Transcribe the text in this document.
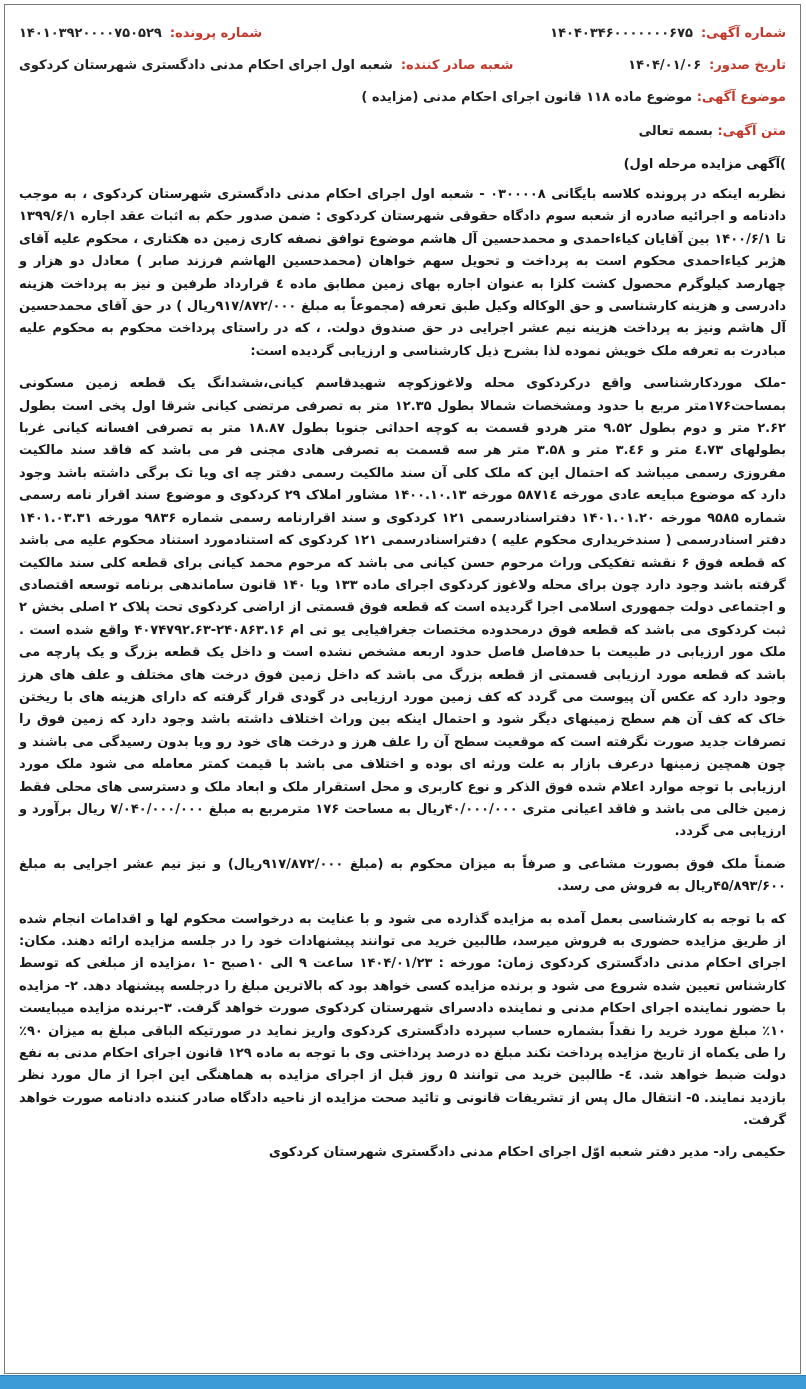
شماره آگهی:
۱۴۰۴۰۳۴۶۰۰۰۰۰۰۰۶۷۵
شماره پرونده:
۱۴۰۱۰۳۹۲۰۰۰۰۷۵۰۵۲۹
تاریخ صدور:
۱۴۰۴/۰۱/۰۶
شعبه صادر کننده:
شعبه اول اجرای احکام مدنی دادگستری شهرستان کردکوی
موضوع آگهی: موضوع ماده ۱۱۸ قانون اجرای احکام مدنی (مزایده )
متن آگهی: بسمه تعالی
)آگهی مزایده مرحله اول)

نظربه اینکه در پرونده کلاسه بایگانی ۰۳۰۰۰۰۸ - شعبه اول اجرای احکام مدنی دادگستری شهرستان کردکوی ، به موجب دادنامه و اجرائیه صادره از شعبه سوم دادگاه حقوقی شهرستان کردکوی : ضمن صدور حکم به اثبات عقد اجاره ۱۳۹۹/۶/۱ تا ۱۴۰۰/۶/۱ بین آقایان کیاءاحمدی و محمدحسین آل هاشم موضوع توافق نصفه کاری زمین ده هکتاری ، محکوم علیه آقای هژبر کیاءاحمدی محکوم است به پرداخت و تحویل سهم خواهان (محمدحسین الهاشم فرزند صابر ) معادل دو هزار و چهارصد کیلوگرم محصول کشت کلزا به عنوان اجاره بهای زمین مطابق ماده ٤ قرارداد طرفین و نیز به پرداخت هزینه دادرسی و هزینه کارشناسی و حق الوکاله وکیل طبق تعرفه (مجموعاً به مبلغ ۹۱۷/۸۷۲/۰۰۰ریال ) در حق آقای محمدحسین آل هاشم ونیز به پرداخت هزینه نیم عشر اجرایی در حق صندوق دولت. ، که در راستای پرداخت محکوم به محکوم علیه مبادرت به تعرفه ملک خویش نموده لذا بشرح ذیل کارشناسی و ارزیابی گردیده است:

-ملک موردکارشناسی واقع درکردکوی محله ولاغوزکوچه شهیدقاسم کیانی،ششدانگ یک قطعه زمین مسکونی بمساحت۱۷۶متر مربع با حدود ومشخصات شمالا بطول ۱۲.۳۵ متر به تصرفی مرتضی کیانی شرقا اول پخی است بطول ۲.۶۲ متر و دوم بطول ۹.۵۲ متر هردو قسمت به کوچه احداثی جنوبا بطول ۱۸.۸۷ متر به تصرفی افسانه کیانی غربا بطولهای ٤.۷۳ متر و ۳.٤۶ متر و ۳.۵۸ متر هر سه قسمت به تصرفی هادی مجنی فر می باشد که فاقد سند مالکیت مفروزی رسمی میباشد که احتمال این که ملک کلی آن سند مالکیت رسمی دفتر چه ای ویا تک برگی داشته باشد وجود دارد که موضوع مبایعه عادی مورخه ۵۸۷۱٤ مورخه ۱۴۰۰.۱۰.۱۳ مشاور املاک ۲۹ کردکوی و موضوع سند اقرار نامه رسمی شماره ۹۵۸۵ مورخه ۱۴۰۱.۰۱.۲۰ دفتراسنادرسمی ۱۲۱ کردکوی و سند اقرارنامه رسمی شماره ۹۸۳۶ مورخه ۱۴۰۱.۰۳.۳۱ دفتر اسنادرسمی ( سندخریداری محکوم علیه ) دفتراسنادرسمی ۱۲۱ کردکوی که استنادمورد استناد محکوم علیه می باشد که قطعه فوق ۶ نقشه تفکیکی وراث مرحوم حسن کیانی می باشد که مرحوم محمد کیانی برای قطعه کلی سند مالکیت گرفته باشد وجود دارد چون برای محله ولاغوز کردکوی اجرای ماده ۱۳۳ ویا ۱۴۰ قانون ساماندهی برنامه توسعه اقتصادی و اجتماعی دولت جمهوری اسلامی اجرا گردیده است که قطعه فوق قسمتی از اراضی کردکوی تحت پلاک ۲ اصلی بخش ۲ ثبت کردکوی می باشد که قطعه فوق درمحدوده مختصات جغرافیایی یو تی ام ۲۴۰۸۶۳.۱۶-۴۰۷۴۷۹۲.۶۳ واقع شده است . ملک مور ارزیابی در طبیعت با حدفاصل فاصل حدود اربعه مشخص نشده است و داخل یک قطعه بزرگ و یک پارچه می باشد که قطعه مورد ارزیابی قسمتی از قطعه بزرگ می باشد که داخل زمین فوق درخت های مختلف و علف های هرز وجود دارد که عکس آن پیوست می گردد که کف زمین مورد ارزیابی در گودی قرار گرفته که دارای هزینه های با ریختن خاک که کف آن هم سطح زمینهای دیگر شود و احتمال اینکه بین وراث اختلاف داشته باشد وجود دارد که زمین فوق را تصرفات جدید صورت نگرفته است که موقعیت سطح آن را علف هرز و درخت های خود رو ویا بدون رسیدگی می باشند و چون همچین زمینها درعرف بازار به علت ورثه ای بوده و اختلاف می باشد با قیمت کمتر معامله می شود ملک مورد ارزیابی با توجه موارد اعلام شده فوق الذکر و نوع کاربری و محل استقرار ملک و ابعاد ملک و دسترسی های محلی فقط زمین خالی می باشد و فاقد اعیانی متری ۴۰/۰۰۰/۰۰۰ریال به مساحت ۱۷۶ مترمربع به مبلغ ۷/۰۴۰/۰۰۰/۰۰۰ ریال برآورد و ارزیابی می گردد.

ضمناً ملک فوق بصورت مشاعی و صرفاً به میزان محکوم به (مبلغ ۹۱۷/۸۷۲/۰۰۰ریال) و نیز نیم عشر اجرایی به مبلغ ۴۵/۸۹۳/۶۰۰ریال به فروش می رسد.

که با توجه به کارشناسی بعمل آمده به مزایده گذارده می شود و با عنایت به درخواست محکوم لها و اقدامات انجام شده از طریق مزایده حضوری به فروش میرسد، طالبین خرید می توانند پیشنهادات خود را در جلسه مزایده ارائه دهند. مکان: اجرای احکام مدنی دادگستری کردکوی زمان: مورخه : ۱۴۰۴/۰۱/۲۳ ساعت ۹ الی ۱۰صبح -۱ ،مزایده از مبلغی که توسط کارشناس تعیین شده شروع می شود و برنده مزایده کسی خواهد بود که بالاترین مبلغ را درجلسه پیشنهاد دهد. ۲- مزایده با حضور نماینده اجرای احکام مدنی و نماینده دادسرای شهرستان کردکوی صورت خواهد گرفت. ۳-برنده مزایده میبایست ۱۰٪ مبلغ مورد خرید را نقداً بشماره حساب سپرده دادگستری کردکوی واریز نماید در صورتیکه الباقی مبلغ به میزان ۹۰٪ را طی یکماه از تاریخ مزایده پرداخت نکند مبلغ ده درصد پرداختی وی با توجه به ماده ۱۲۹ قانون اجرای احکام مدنی به نفع دولت ضبط خواهد شد. ٤- طالبین خرید می توانند ۵ روز قبل از اجرای مزایده به هماهنگی این اجرا از مال مورد نظر بازدید نمایند. ۵- انتقال مال پس از تشریفات قانونی و تائید صحت مزایده از ناحیه دادگاه صادر کننده دادنامه صورت خواهد گرفت.

حکیمی راد- مدیر دفتر شعبه اوّل اجرای احکام مدنی دادگستری شهرستان کردکوی
